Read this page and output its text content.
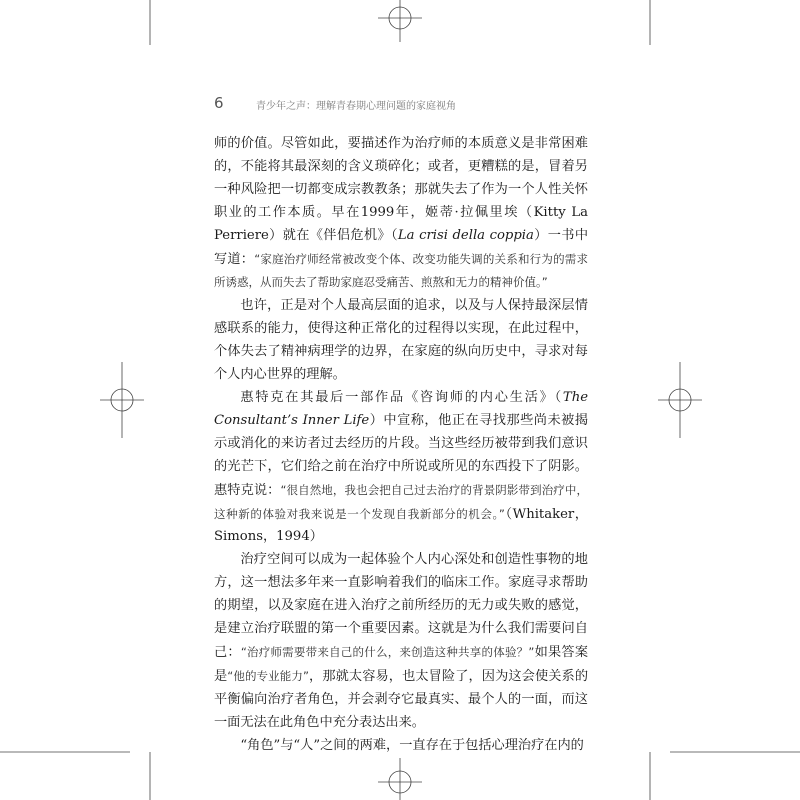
6	青少年之声：理解青春期心理问题的家庭视角

师的价值。尽管如此，要描述作为治疗师的本质意义是非常困难的，不能将其最深刻的含义琐碎化；或者，更糟糕的是，冒着另一种风险把一切都变成宗教教条；那就失去了作为一个人性关怀职业的工作本质。早在1999年，姬蒂·拉佩里埃（Kitty La Perriere）就在《伴侣危机》（La crisi della coppia）一书中写道：“家庭治疗师经常被改变个体、改变功能失调的关系和行为的需求所诱惑，从而失去了帮助家庭忍受痛苦、煎熬和无力的精神价值。”

也许，正是对个人最高层面的追求，以及与人保持最深层情感联系的能力，使得这种正常化的过程得以实现，在此过程中，个体失去了精神病理学的边界，在家庭的纵向历史中，寻求对每个人内心世界的理解。

惠特克在其最后一部作品《咨询师的内心生活》（The Consultant’s Inner Life）中宣称，他正在寻找那些尚未被揭示或消化的来访者过去经历的片段。当这些经历被带到我们意识的光芒下，它们给之前在治疗中所说或所见的东西投下了阴影。惠特克说：“很自然地，我也会把自己过去治疗的背景阴影带到治疗中，这种新的体验对我来说是一个发现自我新部分的机会。”（Whitaker，Simons，1994）

治疗空间可以成为一起体验个人内心深处和创造性事物的地方，这一想法多年来一直影响着我们的临床工作。家庭寻求帮助的期望，以及家庭在进入治疗之前所经历的无力或失败的感觉，是建立治疗联盟的第一个重要因素。这就是为什么我们需要问自己：“治疗师需要带来自己的什么，来创造这种共享的体验？”如果答案是“他的专业能力”，那就太容易，也太冒险了，因为这会使关系的平衡偏向治疗者角色，并会剥夺它最真实、最个人的一面，而这一面无法在此角色中充分表达出来。

“角色”与“人”之间的两难，一直存在于包括心理治疗在内的
